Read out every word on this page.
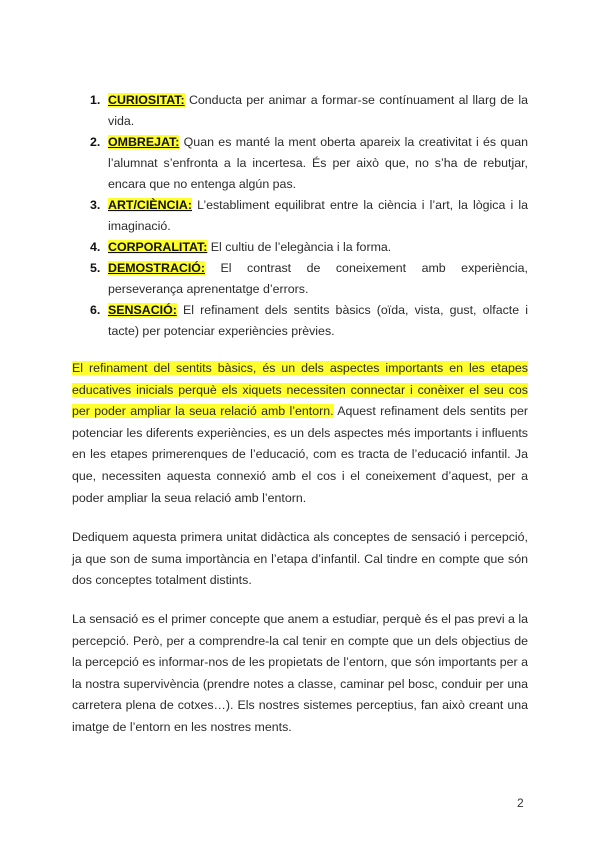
1. CURIOSITAT: Conducta per animar a formar-se contínuament al llarg de la vida.
2. OMBREJAT: Quan es manté la ment oberta apareix la creativitat i és quan l’alumnat s’enfronta a la incertesa. És per això que, no s’ha de rebutjar, encara que no entenga algún pas.
3. ART/CIÈNCIA: L’establiment equilibrat entre la ciència i l’art, la lògica i la imaginació.
4. CORPORALITAT: El cultiu de l’elegància i la forma.
5. DEMOSTRACIÓ: El contrast de coneixement amb experiència, perseverança aprenentatge d’errors.
6. SENSACIÓ: El refinament dels sentits bàsics (oïda, vista, gust, olfacte i tacte) per potenciar experiències prèvies.

El refinament del sentits bàsics, és un dels aspectes importants en les etapes educatives inicials perquè els xiquets necessiten connectar i conèixer el seu cos per poder ampliar la seua relació amb l’entorn. Aquest refinament dels sentits per potenciar les diferents experiències, es un dels aspectes més importants i influents en les etapes primerenques de l’educació, com es tracta de l’educació infantil. Ja que, necessiten aquesta connexió amb el cos i el coneixement d’aquest, per a poder ampliar la seua relació amb l’entorn.

Dediquem aquesta primera unitat didàctica als conceptes de sensació i percepció, ja que son de suma importància en l’etapa d’infantil. Cal tindre en compte que són dos conceptes totalment distints.

La sensació es el primer concepte que anem a estudiar, perquè és el pas previ a la percepció. Però, per a comprendre-la cal tenir en compte que un dels objectius de la percepció es informar-nos de les propietats de l’entorn, que són importants per a la nostra supervivència (prendre notes a classe, caminar pel bosc, conduir per una carretera plena de cotxes…). Els nostres sistemes perceptius, fan això creant una imatge de l’entorn en les nostres ments.

2
